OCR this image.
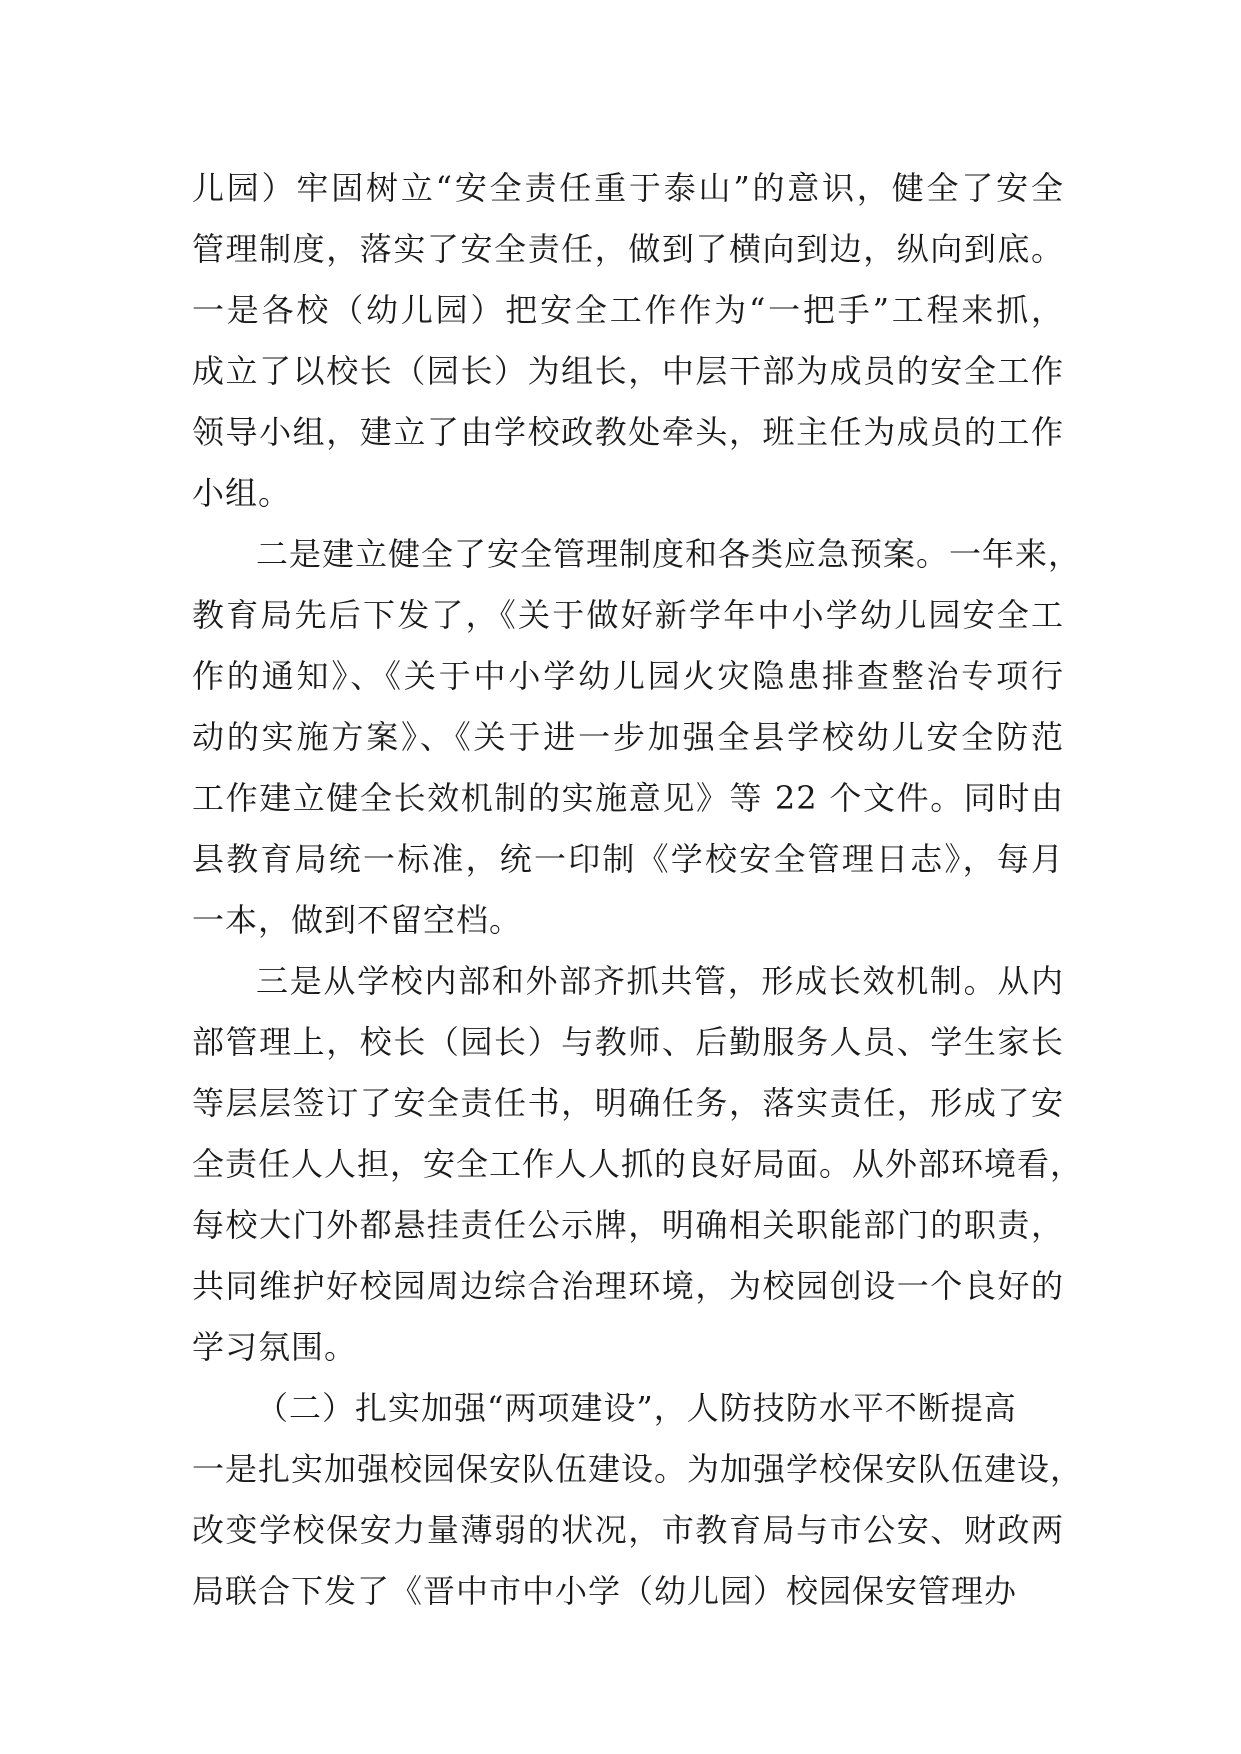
儿园）牢固树立“安全责任重于泰山”的意识，健全了安全
管理制度，落实了安全责任，做到了横向到边，纵向到底。
一是各校（幼儿园）把安全工作作为“一把手”工程来抓，
成立了以校长（园长）为组长，中层干部为成员的安全工作
领导小组，建立了由学校政教处牵头，班主任为成员的工作
小组。
二是建立健全了安全管理制度和各类应急预案。一年来，
教育局先后下发了，《关于做好新学年中小学幼儿园安全工
作的通知》、《关于中小学幼儿园火灾隐患排查整治专项行
动的实施方案》、《关于进一步加强全县学校幼儿安全防范
工作建立健全长效机制的实施意见》等 22 个文件。同时由
县教育局统一标准，统一印制《学校安全管理日志》，每月
一本，做到不留空档。
三是从学校内部和外部齐抓共管，形成长效机制。从内
部管理上，校长（园长）与教师、后勤服务人员、学生家长
等层层签订了安全责任书，明确任务，落实责任，形成了安
全责任人人担，安全工作人人抓的良好局面。从外部环境看，
每校大门外都悬挂责任公示牌，明确相关职能部门的职责，
共同维护好校园周边综合治理环境，为校园创设一个良好的
学习氛围。
（二）扎实加强“两项建设”，人防技防水平不断提高
一是扎实加强校园保安队伍建设。为加强学校保安队伍建设，
改变学校保安力量薄弱的状况，市教育局与市公安、财政两
局联合下发了《晋中市中小学（幼儿园）校园保安管理办
